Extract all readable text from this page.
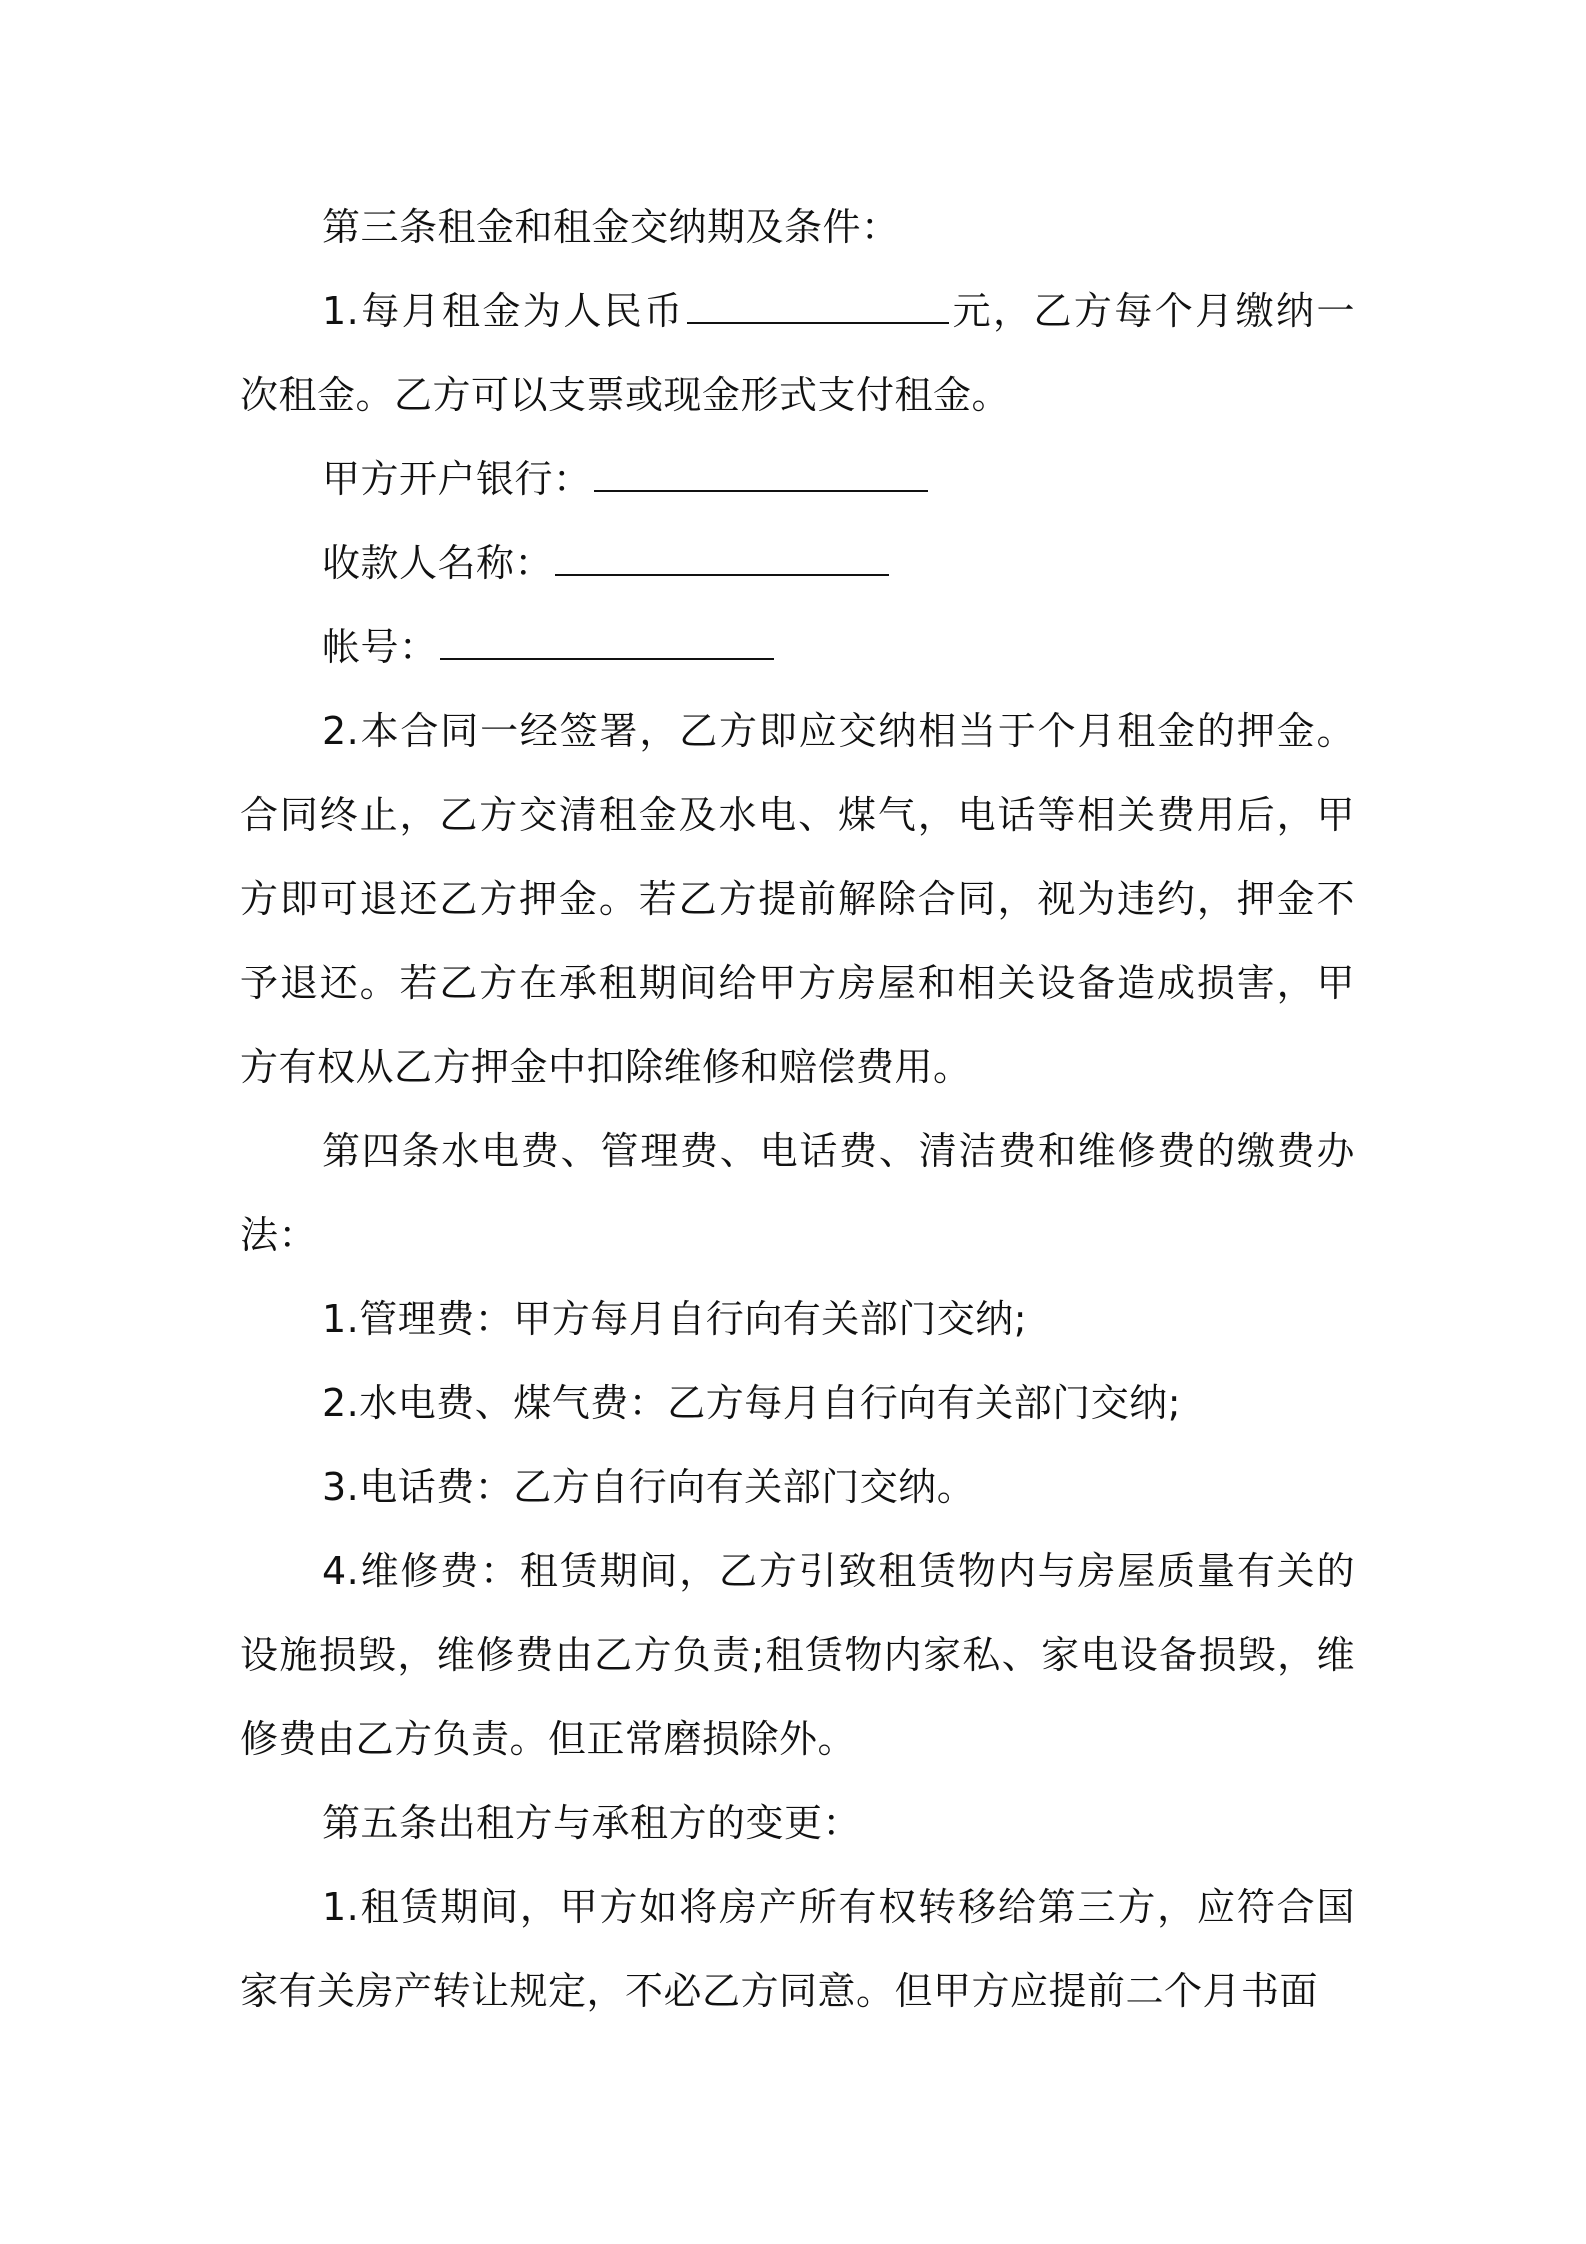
第三条租金和租金交纳期及条件：

1.每月租金为人民币	元，乙方每个月缴纳一次租金。乙方可以支票或现金形式支付租金。

甲方开户银行：

收款人名称：

帐号：

2.本合同一经签署，乙方即应交纳相当于个月租金的押金。合同终止，乙方交清租金及水电、煤气，电话等相关费用后，甲方即可退还乙方押金。若乙方提前解除合同，视为违约，押金不予退还。若乙方在承租期间给甲方房屋和相关设备造成损害，甲方有权从乙方押金中扣除维修和赔偿费用。

第四条水电费、管理费、电话费、清洁费和维修费的缴费办法：

1.管理费：甲方每月自行向有关部门交纳;

2.水电费、煤气费：乙方每月自行向有关部门交纳;

3.电话费：乙方自行向有关部门交纳。

4.维修费：租赁期间，乙方引致租赁物内与房屋质量有关的设施损毁，维修费由乙方负责;租赁物内家私、家电设备损毁，维修费由乙方负责。但正常磨损除外。

第五条出租方与承租方的变更：

1.租赁期间，甲方如将房产所有权转移给第三方，应符合国家有关房产转让规定，不必乙方同意。但甲方应提前二个月书面
